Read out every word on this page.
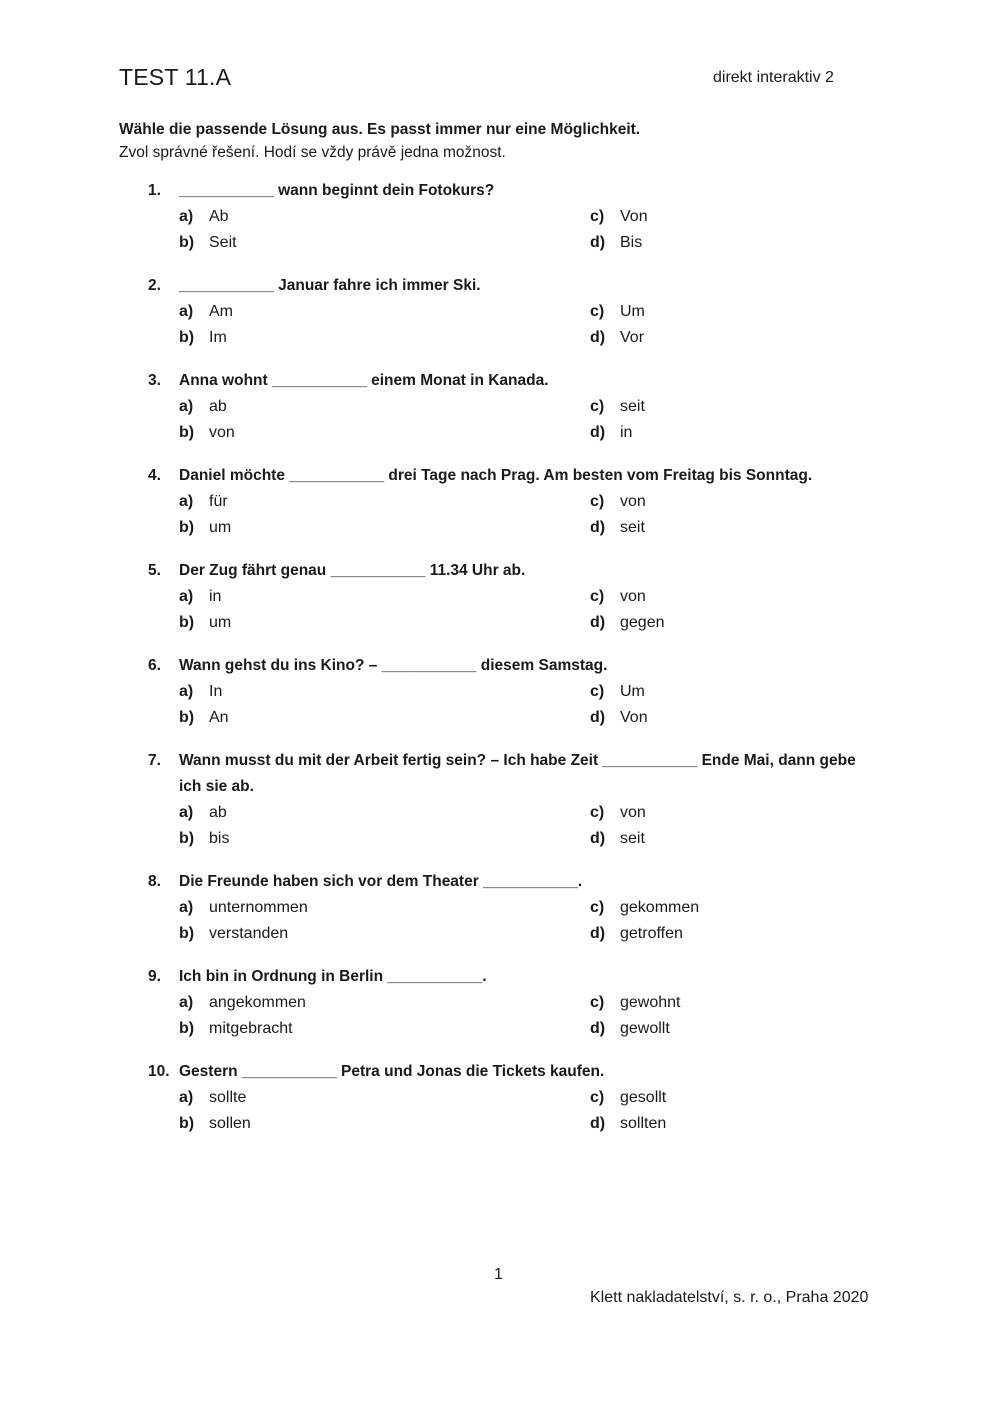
TEST 11.A	direkt interaktiv 2
Wähle die passende Lösung aus. Es passt immer nur eine Möglichkeit.
Zvol správné řešení. Hodí se vždy právě jedna možnost.
1.	___________ wann beginnt dein Fotokurs?
a) Ab	c) Von
b) Seit	d) Bis
2.	___________ Januar fahre ich immer Ski.
a) Am	c) Um
b) Im	d) Vor
3.	Anna wohnt ___________ einem Monat in Kanada.
a) ab	c) seit
b) von	d) in
4.	Daniel möchte ___________ drei Tage nach Prag. Am besten vom Freitag bis Sonntag.
a) für	c) von
b) um	d) seit
5.	Der Zug fährt genau ___________ 11.34 Uhr ab.
a) in	c) von
b) um	d) gegen
6.	Wann gehst du ins Kino? – ___________ diesem Samstag.
a) In	c) Um
b) An	d) Von
7.	Wann musst du mit der Arbeit fertig sein? – Ich habe Zeit ___________ Ende Mai, dann gebe ich sie ab.
a) ab	c) von
b) bis	d) seit
8.	Die Freunde haben sich vor dem Theater ___________.
a) unternommen	c) gekommen
b) verstanden	d) getroffen
9.	Ich bin in Ordnung in Berlin ___________.
a) angekommen	c) gewohnt
b) mitgebracht	d) gewollt
10. Gestern ___________ Petra und Jonas die Tickets kaufen.
a) sollte	c) gesollt
b) sollen	d) sollten
1
Klett nakladatelství, s. r. o., Praha 2020
